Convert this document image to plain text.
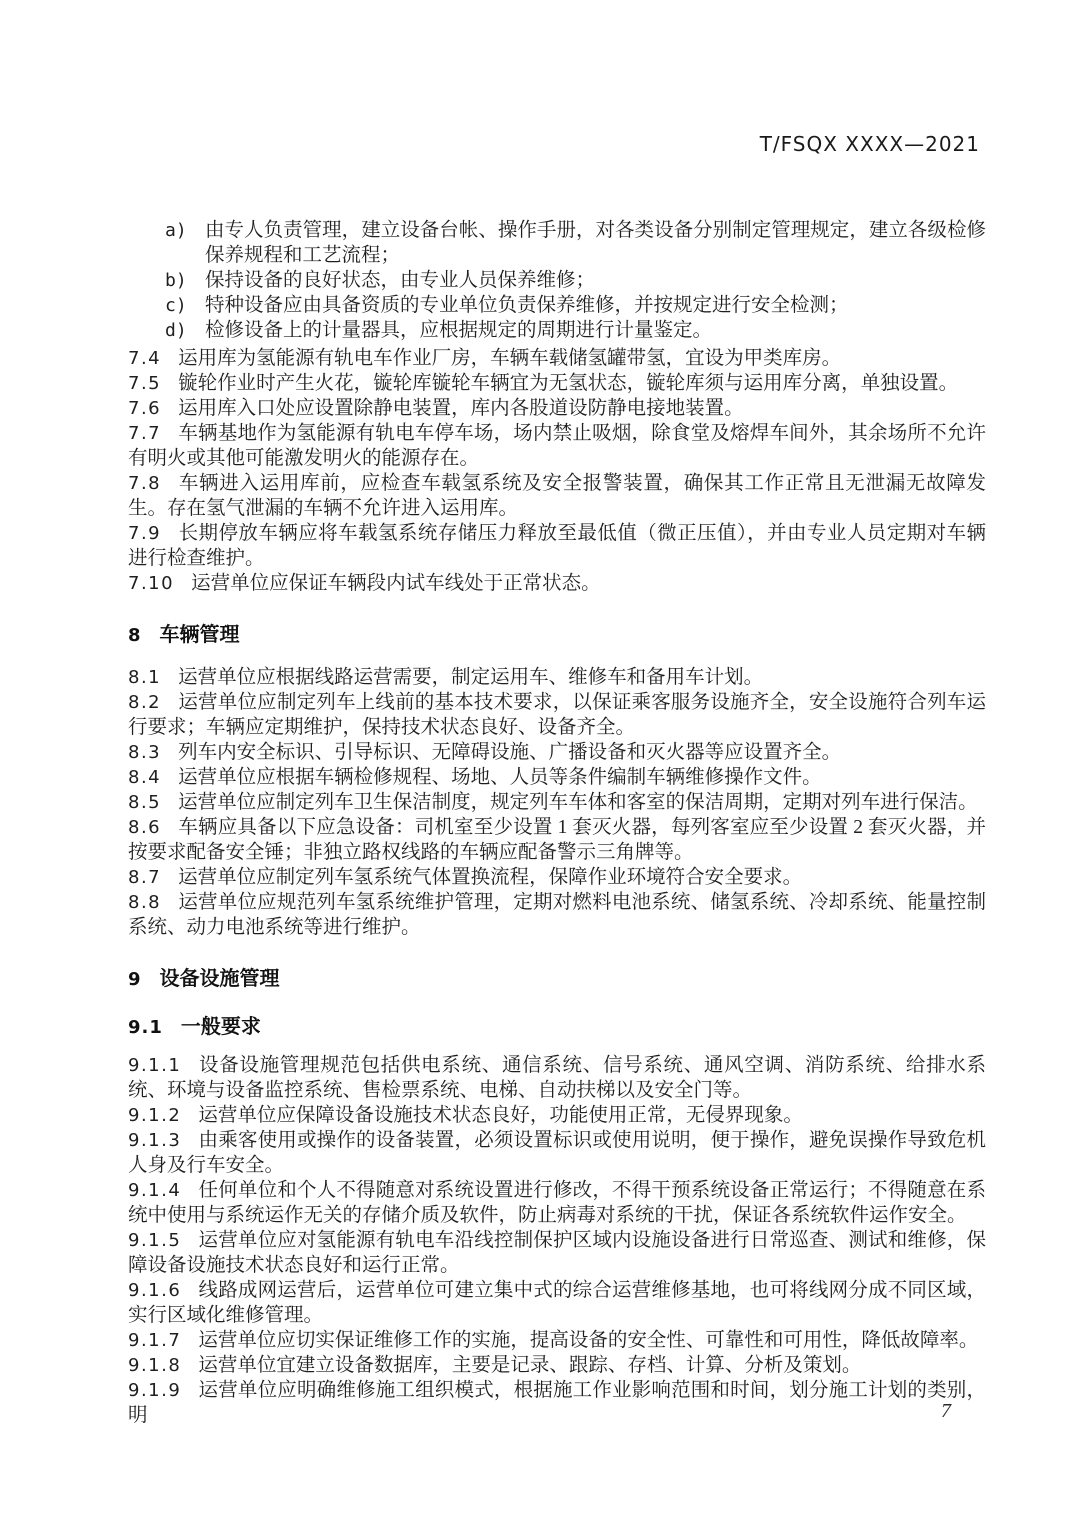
T/FSQX XXXX—2021
a) 由专人负责管理，建立设备台帐、操作手册，对各类设备分别制定管理规定，建立各级检修保养规程和工艺流程；
b) 保持设备的良好状态，由专业人员保养维修；
c) 特种设备应由具备资质的专业单位负责保养维修，并按规定进行安全检测；
d) 检修设备上的计量器具，应根据规定的周期进行计量鉴定。

7.4 运用库为氢能源有轨电车作业厂房，车辆车载储氢罐带氢，宜设为甲类库房。

7.5 镟轮作业时产生火花，镟轮库镟轮车辆宜为无氢状态，镟轮库须与运用库分离，单独设置。

7.6 运用库入口处应设置除静电装置，库内各股道设防静电接地装置。

7.7 车辆基地作为氢能源有轨电车停车场，场内禁止吸烟，除食堂及熔焊车间外，其余场所不允许有明火或其他可能激发明火的能源存在。

7.8 车辆进入运用库前，应检查车载氢系统及安全报警装置，确保其工作正常且无泄漏无故障发生。存在氢气泄漏的车辆不允许进入运用库。

7.9 长期停放车辆应将车载氢系统存储压力释放至最低值（微正压值），并由专业人员定期对车辆进行检查维护。

7.10 运营单位应保证车辆段内试车线处于正常状态。

8 车辆管理

8.1 运营单位应根据线路运营需要，制定运用车、维修车和备用车计划。

8.2 运营单位应制定列车上线前的基本技术要求，以保证乘客服务设施齐全，安全设施符合列车运行要求；车辆应定期维护，保持技术状态良好、设备齐全。

8.3 列车内安全标识、引导标识、无障碍设施、广播设备和灭火器等应设置齐全。

8.4 运营单位应根据车辆检修规程、场地、人员等条件编制车辆维修操作文件。

8.5 运营单位应制定列车卫生保洁制度，规定列车车体和客室的保洁周期，定期对列车进行保洁。

8.6 车辆应具备以下应急设备：司机室至少设置 1 套灭火器，每列客室应至少设置 2 套灭火器，并按要求配备安全锤；非独立路权线路的车辆应配备警示三角牌等。

8.7 运营单位应制定列车氢系统气体置换流程，保障作业环境符合安全要求。

8.8 运营单位应规范列车氢系统维护管理，定期对燃料电池系统、储氢系统、冷却系统、能量控制系统、动力电池系统等进行维护。

9 设备设施管理
9.1 一般要求

9.1.1 设备设施管理规范包括供电系统、通信系统、信号系统、通风空调、消防系统、给排水系统、环境与设备监控系统、售检票系统、电梯、自动扶梯以及安全门等。

9.1.2 运营单位应保障设备设施技术状态良好，功能使用正常，无侵界现象。

9.1.3 由乘客使用或操作的设备装置，必须设置标识或使用说明，便于操作，避免误操作导致危机人身及行车安全。

9.1.4 任何单位和个人不得随意对系统设置进行修改，不得干预系统设备正常运行；不得随意在系统中使用与系统运作无关的存储介质及软件，防止病毒对系统的干扰，保证各系统软件运作安全。

9.1.5 运营单位应对氢能源有轨电车沿线控制保护区域内设施设备进行日常巡查、测试和维修，保障设备设施技术状态良好和运行正常。

9.1.6 线路成网运营后，运营单位可建立集中式的综合运营维修基地，也可将线网分成不同区域，实行区域化维修管理。

9.1.7 运营单位应切实保证维修工作的实施，提高设备的安全性、可靠性和可用性，降低故障率。

9.1.8 运营单位宜建立设备数据库，主要是记录、跟踪、存档、计算、分析及策划。

9.1.9 运营单位应明确维修施工组织模式，根据施工作业影响范围和时间，划分施工计划的类别，明	7
